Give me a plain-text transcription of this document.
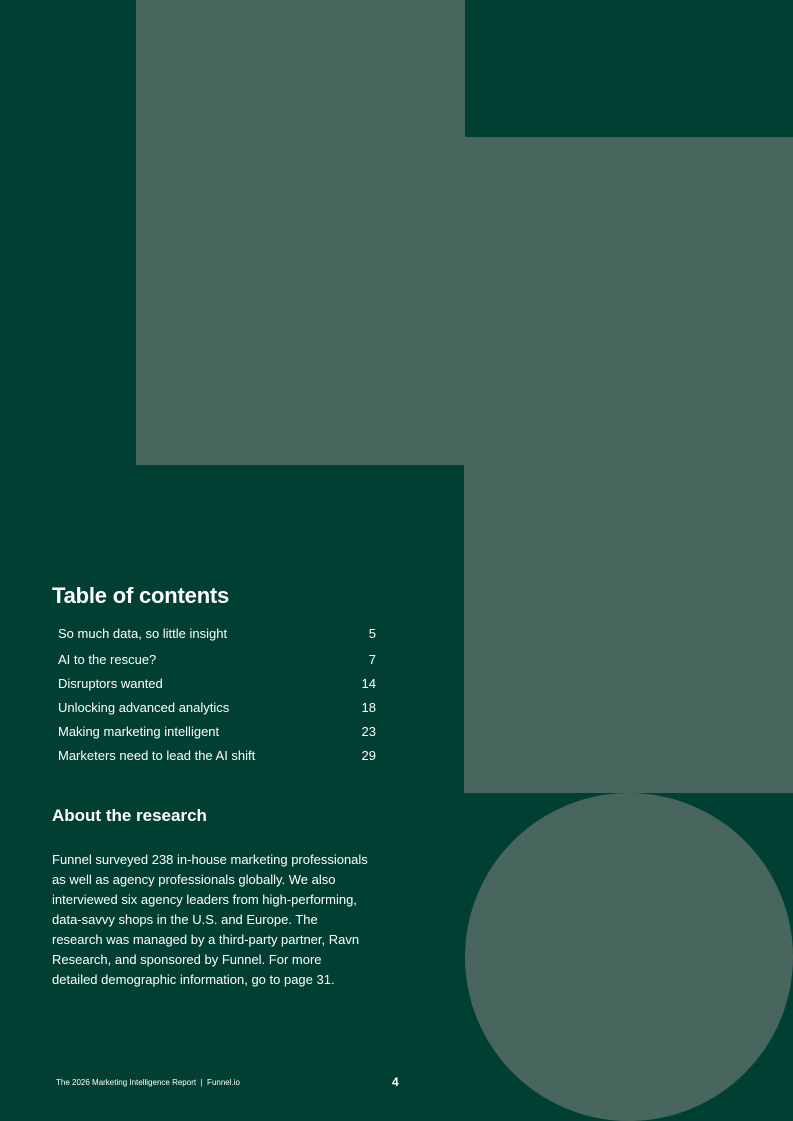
Table of contents
So much data, so little insight	5
AI to the rescue?	7
Disruptors wanted	14
Unlocking advanced analytics	18
Making marketing intelligent	23
Marketers need to lead the AI shift	29
About the research

Funnel surveyed 238 in-house marketing professionals as well as agency professionals globally. We also interviewed six agency leaders from high-performing, data-savvy shops in the U.S. and Europe. The research was managed by a third-party partner, Ravn Research, and sponsored by Funnel. For more detailed demographic information, go to page 31.

The 2026 Marketing Intelligence Report  |  Funnel.io	4
